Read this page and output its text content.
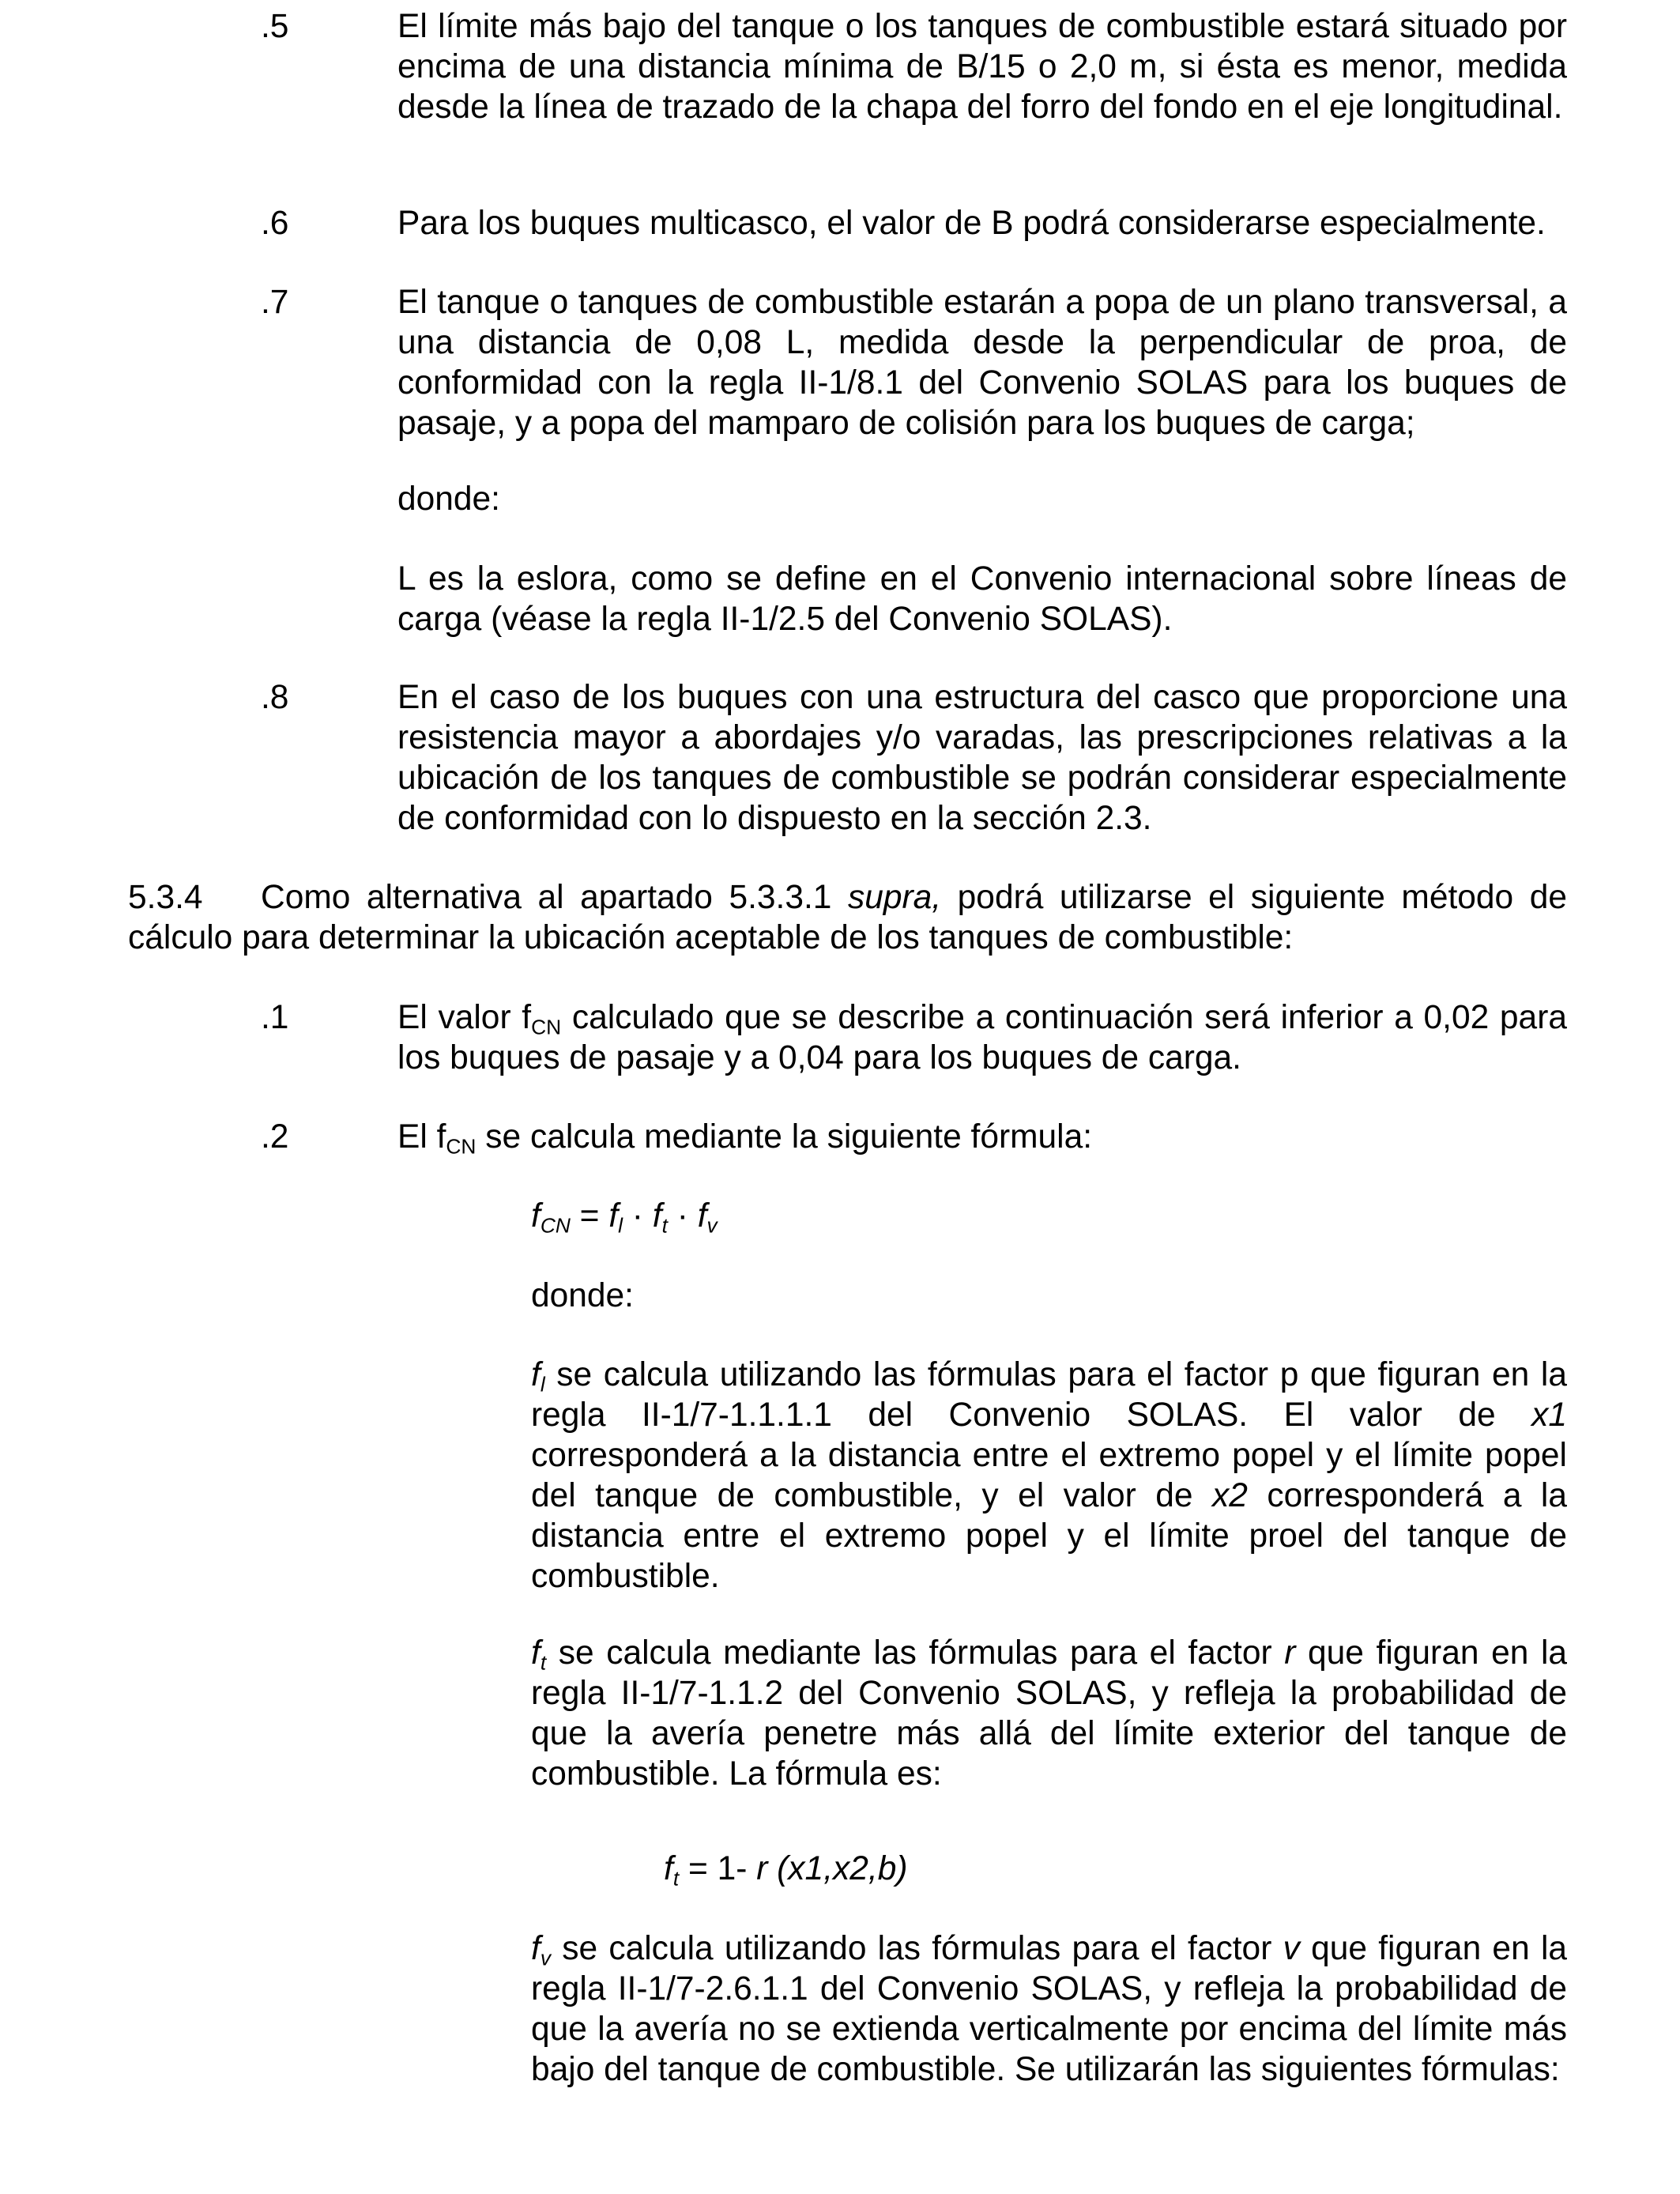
.5	El límite más bajo del tanque o los tanques de combustible estará situado por encima de una distancia mínima de B/15 o 2,0 m, si ésta es menor, medida desde la línea de trazado de la chapa del forro del fondo en el eje longitudinal.
.6	Para los buques multicasco, el valor de B podrá considerarse especialmente.
.7	El tanque o tanques de combustible estarán a popa de un plano transversal, a una distancia de 0,08 L, medida desde la perpendicular de proa, de conformidad con la regla II-1/8.1 del Convenio SOLAS para los buques de pasaje, y a popa del mamparo de colisión para los buques de carga;
donde:
L es la eslora, como se define en el Convenio internacional sobre líneas de carga (véase la regla II-1/2.5 del Convenio SOLAS).
.8	En el caso de los buques con una estructura del casco que proporcione una resistencia mayor a abordajes y/o varadas, las prescripciones relativas a la ubicación de los tanques de combustible se podrán considerar especialmente de conformidad con lo dispuesto en la sección 2.3.
5.3.4 Como alternativa al apartado 5.3.3.1 supra, podrá utilizarse el siguiente método de cálculo para determinar la ubicación aceptable de los tanques de combustible:
.1	El valor $f_{CN}$ calculado que se describe a continuación será inferior a 0,02 para los buques de pasaje y a 0,04 para los buques de carga.
.2	El $f_{CN}$ se calcula mediante la siguiente fórmula:
$f_{CN} = f_l \cdot f_t \cdot f_v$
donde:
$f_l$ se calcula utilizando las fórmulas para el factor p que figuran en la regla II-1/7-1.1.1.1 del Convenio SOLAS. El valor de x1 corresponderá a la distancia entre el extremo popel y el límite popel del tanque de combustible, y el valor de x2 corresponderá a la distancia entre el extremo popel y el límite proel del tanque de combustible.
$f_t$ se calcula mediante las fórmulas para el factor r que figuran en la regla II-1/7-1.1.2 del Convenio SOLAS, y refleja la probabilidad de que la avería penetre más allá del límite exterior del tanque de combustible. La fórmula es:
$f_t = 1-$ r (x1,x2,b)
$f_v$ se calcula utilizando las fórmulas para el factor v que figuran en la regla II-1/7-2.6.1.1 del Convenio SOLAS, y refleja la probabilidad de que la avería no se extienda verticalmente por encima del límite más bajo del tanque de combustible. Se utilizarán las siguientes fórmulas:
